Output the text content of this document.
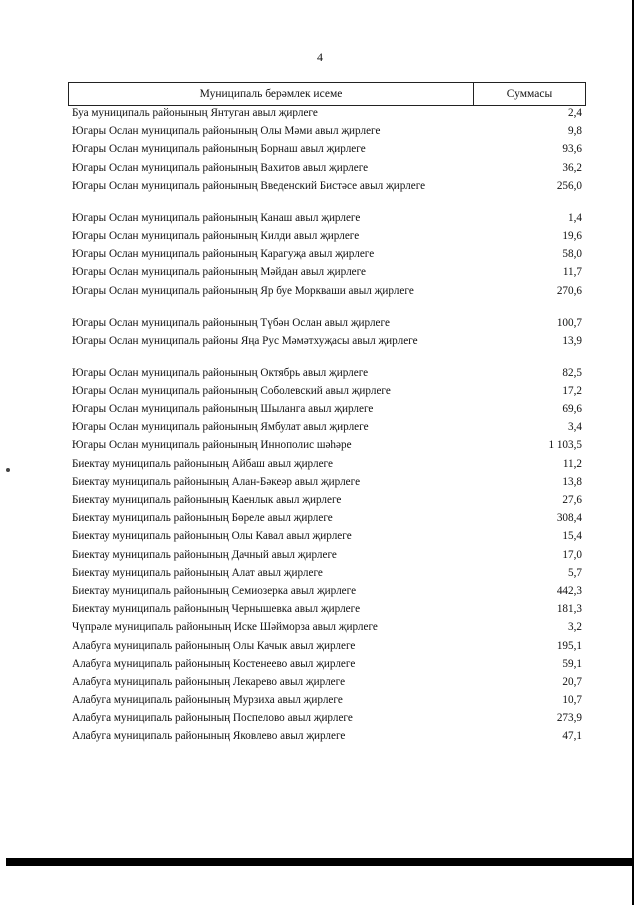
4
Муниципаль берәмлек исеме	Суммасы
Буа муниципаль районының Янтуган авыл җирлеге	2,4
Югары Ослан муниципаль районының Олы Мәми авыл җирлеге	9,8
Югары Ослан муниципаль районының Борнаш авыл җирлеге	93,6
Югары Ослан муниципаль районының Вахитов авыл җирлеге	36,2
Югары Ослан муниципаль районының Введенский Бистәсе авыл җирлеге	256,0
Югары Ослан муниципаль районының Канаш авыл җирлеге	1,4
Югары Ослан муниципаль районының Килди авыл җирлеге	19,6
Югары Ослан муниципаль районының Карагуҗа авыл җирлеге	58,0
Югары Ослан муниципаль районының Мәйдан авыл җирлеге	11,7
Югары Ослан муниципаль районының Яр буе Моркваши авыл җирлеге	270,6
Югары Ослан муниципаль районының Түбән Ослан авыл җирлеге	100,7
Югары Ослан муниципаль районы Яңа Рус Мәмәтхуҗасы авыл җирлеге	13,9
Югары Ослан муниципаль районының Октябрь авыл җирлеге	82,5
Югары Ослан муниципаль районының Соболевский авыл җирлеге	17,2
Югары Ослан муниципаль районының Шыланга авыл җирлеге	69,6
Югары Ослан муниципаль районының Ямбулат авыл җирлеге	3,4
Югары Ослан муниципаль районының Иннополис шәһәре	1 103,5
Биектау муниципаль районының Айбаш авыл җирлеге	11,2
Биектау муниципаль районының Алан-Бәкеәр авыл җирлеге	13,8
Биектау муниципаль районының Каенлык авыл җирлеге	27,6
Биектау муниципаль районының Бөреле авыл җирлеге	308,4
Биектау муниципаль районының Олы Кавал авыл җирлеге	15,4
Биектау муниципаль районының Дачный авыл җирлеге	17,0
Биектау муниципаль районының Алат авыл җирлеге	5,7
Биектау муниципаль районының Семиозерка авыл җирлеге	442,3
Биектау муниципаль районының Чернышевка авыл җирлеге	181,3
Чүпрәле муниципаль районының Иске Шәйморза авыл җирлеге	3,2
Алабуга муниципаль районының Олы Качык авыл җирлеге	195,1
Алабуга муниципаль районының Костенеево авыл җирлеге	59,1
Алабуга муниципаль районының Лекарево авыл җирлеге	20,7
Алабуга муниципаль районының Мурзиха авыл җирлеге	10,7
Алабуга муниципаль районының Поспелово авыл җирлеге	273,9
Алабуга муниципаль районының Яковлево авыл җирлеге	47,1
